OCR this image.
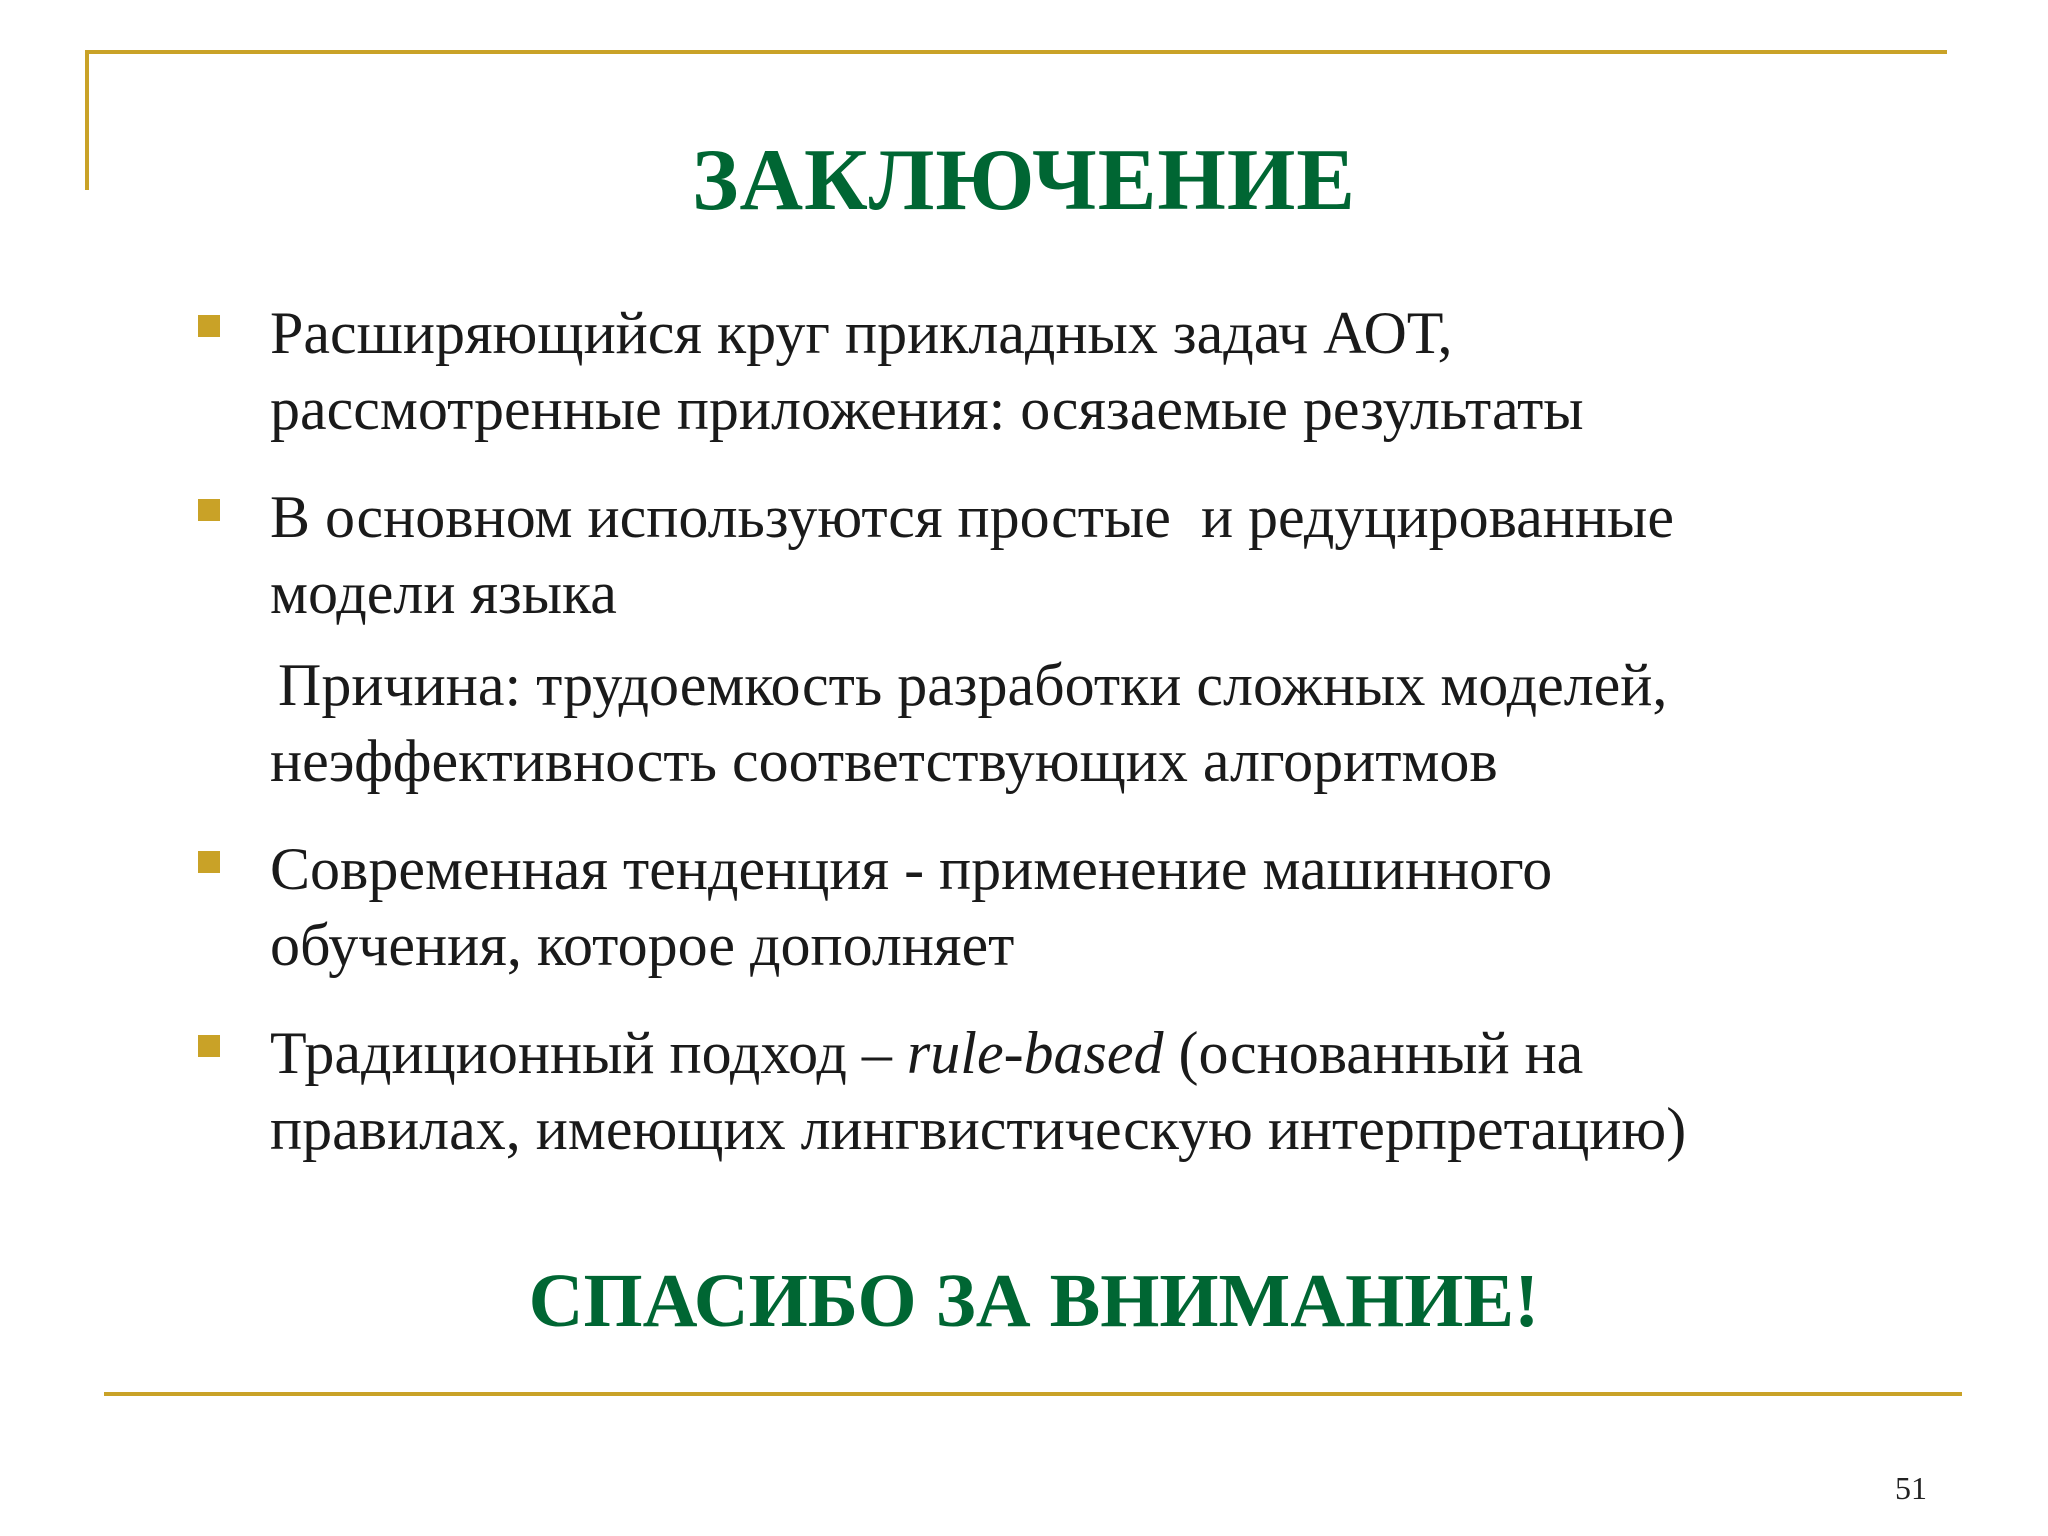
ЗАКЛЮЧЕНИЕ
Расширяющийся круг прикладных задач АОТ,
рассмотренные приложения: осязаемые результаты
В основном используются простые  и редуцированные
модели языка
Причина: трудоемкость разработки сложных моделей,
неэффективность соответствующих алгоритмов
Современная тенденция - применение машинного
обучения, которое дополняет
Традиционный подход – rule-based (основанный на
правилах, имеющих лингвистическую интерпретацию)
СПАСИБО ЗА ВНИМАНИЕ!
51
